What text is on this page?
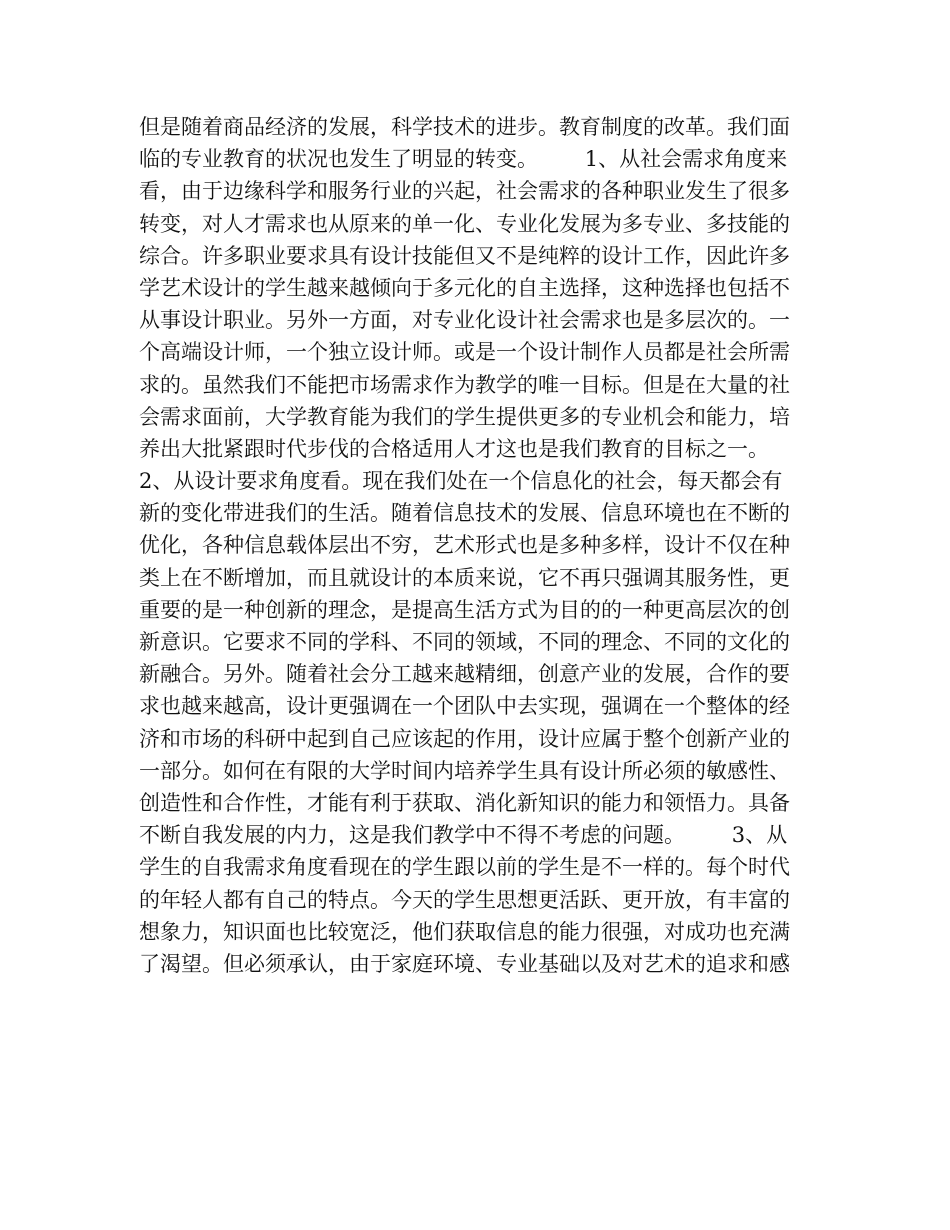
但是随着商品经济的发展，科学技术的进步。教育制度的改革。我们面
临的专业教育的状况也发生了明显的转变。       1、从社会需求角度来
看，由于边缘科学和服务行业的兴起，社会需求的各种职业发生了很多
转变，对人才需求也从原来的单一化、专业化发展为多专业、多技能的
综合。许多职业要求具有设计技能但又不是纯粹的设计工作，因此许多
学艺术设计的学生越来越倾向于多元化的自主选择，这种选择也包括不
从事设计职业。另外一方面，对专业化设计社会需求也是多层次的。一
个高端设计师，一个独立设计师。或是一个设计制作人员都是社会所需
求的。虽然我们不能把市场需求作为教学的唯一目标。但是在大量的社
会需求面前，大学教育能为我们的学生提供更多的专业机会和能力，培
养出大批紧跟时代步伐的合格适用人才这也是我们教育的目标之一。
2、从设计要求角度看。现在我们处在一个信息化的社会，每天都会有
新的变化带进我们的生活。随着信息技术的发展、信息环境也在不断的
优化，各种信息载体层出不穷，艺术形式也是多种多样，设计不仅在种
类上在不断增加，而且就设计的本质来说，它不再只强调其服务性，更
重要的是一种创新的理念，是提高生活方式为目的的一种更高层次的创
新意识。它要求不同的学科、不同的领域，不同的理念、不同的文化的
新融合。另外。随着社会分工越来越精细，创意产业的发展，合作的要
求也越来越高，设计更强调在一个团队中去实现，强调在一个整体的经
济和市场的科研中起到自己应该起的作用，设计应属于整个创新产业的
一部分。如何在有限的大学时间内培养学生具有设计所必须的敏感性、
创造性和合作性，才能有利于获取、消化新知识的能力和领悟力。具备
不断自我发展的内力，这是我们教学中不得不考虑的问题。       3、从
学生的自我需求角度看现在的学生跟以前的学生是不一样的。每个时代
的年轻人都有自己的特点。今天的学生思想更活跃、更开放，有丰富的
想象力，知识面也比较宽泛，他们获取信息的能力很强，对成功也充满
了渴望。但必须承认，由于家庭环境、专业基础以及对艺术的追求和感
